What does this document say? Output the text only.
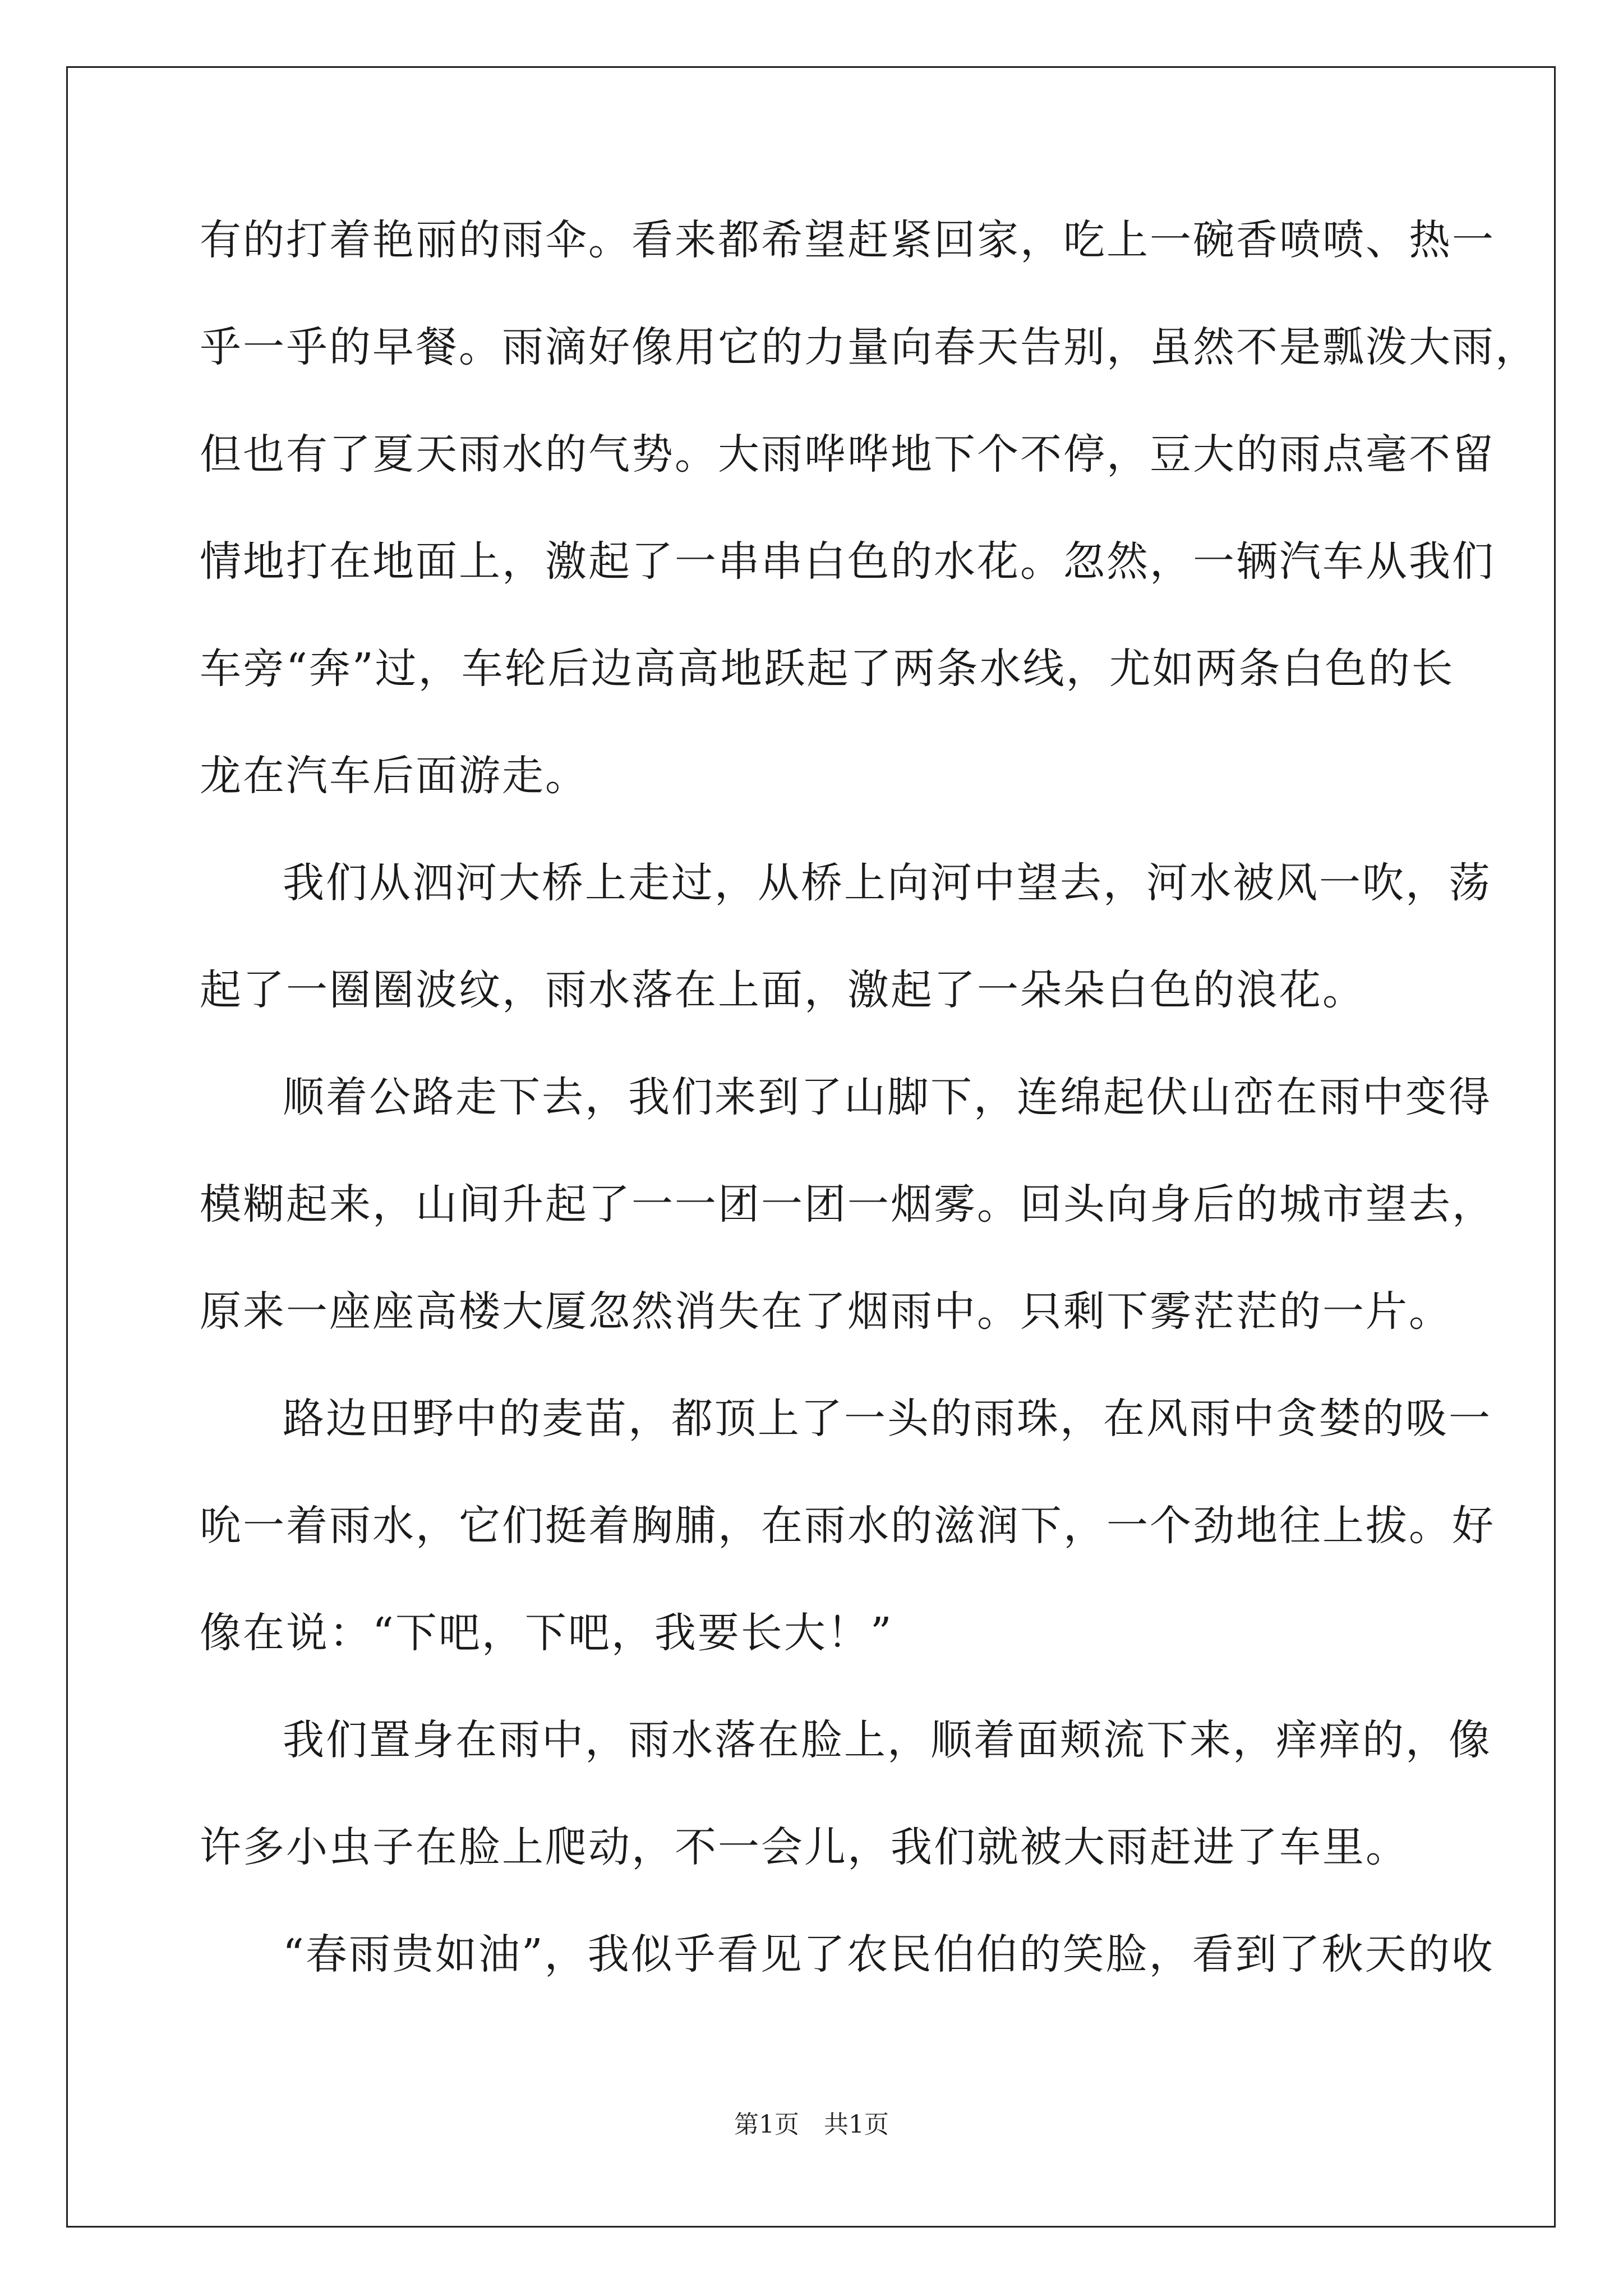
有的打着艳丽的雨伞。看来都希望赶紧回家，吃上一碗香喷喷、热一
乎一乎的早餐。雨滴好像用它的力量向春天告别，虽然不是瓢泼大雨，
但也有了夏天雨水的气势。大雨哗哗地下个不停，豆大的雨点毫不留
情地打在地面上，激起了一串串白色的水花。忽然，一辆汽车从我们
车旁“奔”过，车轮后边高高地跃起了两条水线，尤如两条白色的长
龙在汽车后面游走。
我们从泗河大桥上走过，从桥上向河中望去，河水被风一吹，荡
起了一圈圈波纹，雨水落在上面，激起了一朵朵白色的浪花。
顺着公路走下去，我们来到了山脚下，连绵起伏山峦在雨中变得
模糊起来，山间升起了一一团一团一烟雾。回头向身后的城市望去，
原来一座座高楼大厦忽然消失在了烟雨中。只剩下雾茫茫的一片。
路边田野中的麦苗，都顶上了一头的雨珠，在风雨中贪婪的吸一
吮一着雨水，它们挺着胸脯，在雨水的滋润下，一个劲地往上拔。好
像在说：“下吧，下吧，我要长大！”
我们置身在雨中，雨水落在脸上，顺着面颊流下来，痒痒的，像
许多小虫子在脸上爬动，不一会儿，我们就被大雨赶进了车里。
“春雨贵如油”，我似乎看见了农民伯伯的笑脸，看到了秋天的收
第1页 共1页
